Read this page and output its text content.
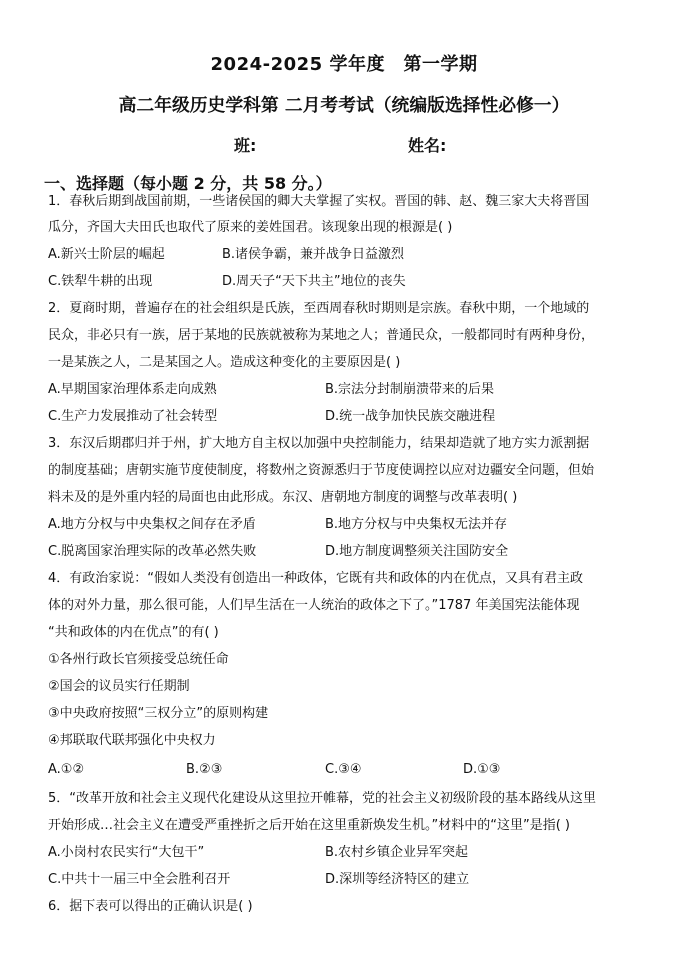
2024-2025 学年度　第一学期
高二年级历史学科第 二月考考试（统编版选择性必修一）
班:	姓名:
一、选择题（每小题 2 分，共 58 分。）
1．春秋后期到战国前期，一些诸侯国的卿大夫掌握了实权。晋国的韩、赵、魏三家大夫将晋国
瓜分，齐国大夫田氏也取代了原来的姜姓国君。该现象出现的根源是( )
A.新兴士阶层的崛起	B.诸侯争霸，兼并战争日益激烈
C.铁犁牛耕的出现	D.周天子“天下共主”地位的丧失
2．夏商时期，普遍存在的社会组织是氏族，至西周春秋时期则是宗族。春秋中期，一个地域的
民众，非必只有一族，居于某地的民族就被称为某地之人；普通民众，一般都同时有两种身份，
一是某族之人，二是某国之人。造成这种变化的主要原因是( )
A.早期国家治理体系走向成熟	B.宗法分封制崩溃带来的后果
C.生产力发展推动了社会转型	D.统一战争加快民族交融进程
3．东汉后期郡归并于州，扩大地方自主权以加强中央控制能力，结果却造就了地方实力派割据
的制度基础；唐朝实施节度使制度，将数州之资源悉归于节度使调控以应对边疆安全问题，但始
料未及的是外重内轻的局面也由此形成。东汉、唐朝地方制度的调整与改革表明( )
A.地方分权与中央集权之间存在矛盾	B.地方分权与中央集权无法并存
C.脱离国家治理实际的改革必然失败	D.地方制度调整须关注国防安全
4．有政治家说：“假如人类没有创造出一种政体，它既有共和政体的内在优点，又具有君主政
体的对外力量，那么很可能，人们早生活在一人统治的政体之下了。”1787 年美国宪法能体现
“共和政体的内在优点”的有( )
①各州行政长官须接受总统任命
②国会的议员实行任期制
③中央政府按照“三权分立”的原则构建
④邦联取代联邦强化中央权力
A.①②	B.②③	C.③④	D.①③
5．“改革开放和社会主义现代化建设从这里拉开帷幕，党的社会主义初级阶段的基本路线从这里
开始形成…社会主义在遭受严重挫折之后开始在这里重新焕发生机。”材料中的“这里”是指( )
A.小岗村农民实行“大包干”	B.农村乡镇企业异军突起
C.中共十一届三中全会胜利召开	D.深圳等经济特区的建立
6．据下表可以得出的正确认识是( )
